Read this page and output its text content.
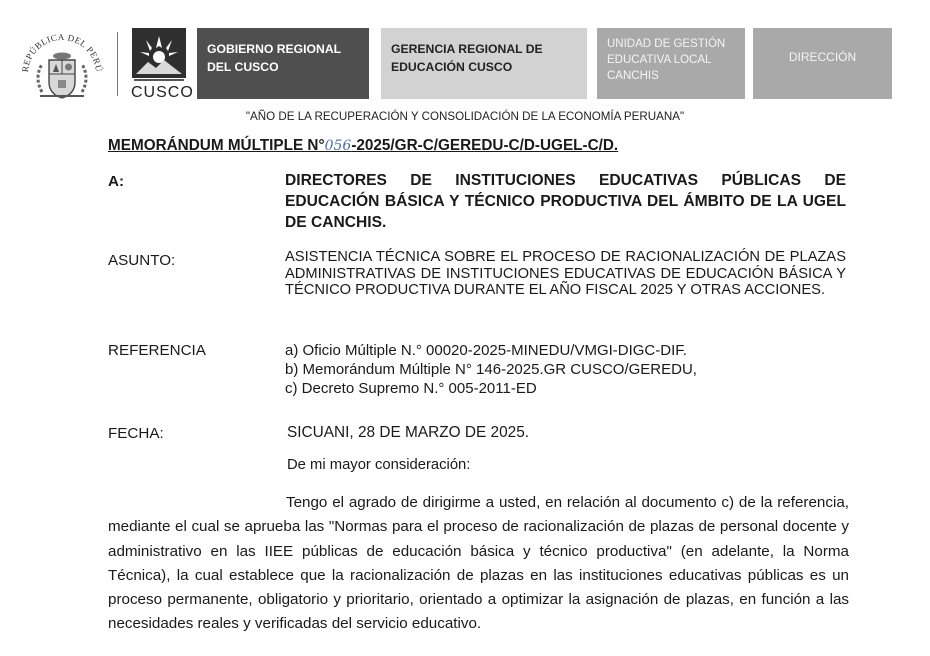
REPÚBLICA DEL PERÚ
CUSCO
GOBIERNO REGIONAL DEL CUSCO
GERENCIA REGIONAL DE EDUCACIÓN CUSCO
UNIDAD DE GESTIÓN EDUCATIVA LOCAL CANCHIS
DIRECCIÓN
"AÑO DE LA RECUPERACIÓN Y CONSOLIDACIÓN DE LA ECONOMÍA PERUANA"
MEMORÁNDUM MÚLTIPLE N°056-2025/GR-C/GEREDU-C/D-UGEL-C/D.
A:	DIRECTORES DE INSTITUCIONES EDUCATIVAS PÚBLICAS DE EDUCACIÓN BÁSICA Y TÉCNICO PRODUCTIVA DEL ÁMBITO DE LA UGEL DE CANCHIS.
ASUNTO:	ASISTENCIA TÉCNICA SOBRE EL PROCESO DE RACIONALIZACIÓN DE PLAZAS ADMINISTRATIVAS DE INSTITUCIONES EDUCATIVAS DE EDUCACIÓN BÁSICA Y TÉCNICO PRODUCTIVA DURANTE EL AÑO FISCAL 2025 Y OTRAS ACCIONES.
REFERENCIA	a) Oficio Múltiple N.° 00020-2025-MINEDU/VMGI-DIGC-DIF.
b) Memorándum Múltiple N° 146-2025.GR CUSCO/GEREDU,
c) Decreto Supremo N.° 005-2011-ED
FECHA:	SICUANI, 28 DE MARZO DE 2025.
De mi mayor consideración:
Tengo el agrado de dirigirme a usted, en relación al documento c) de la referencia, mediante el cual se aprueba las "Normas para el proceso de racionalización de plazas de personal docente y administrativo en las IIEE públicas de educación básica y técnico productiva" (en adelante, la Norma Técnica), la cual establece que la racionalización de plazas en las instituciones educativas públicas es un proceso permanente, obligatorio y prioritario, orientado a optimizar la asignación de plazas, en función a las necesidades reales y verificadas del servicio educativo.
